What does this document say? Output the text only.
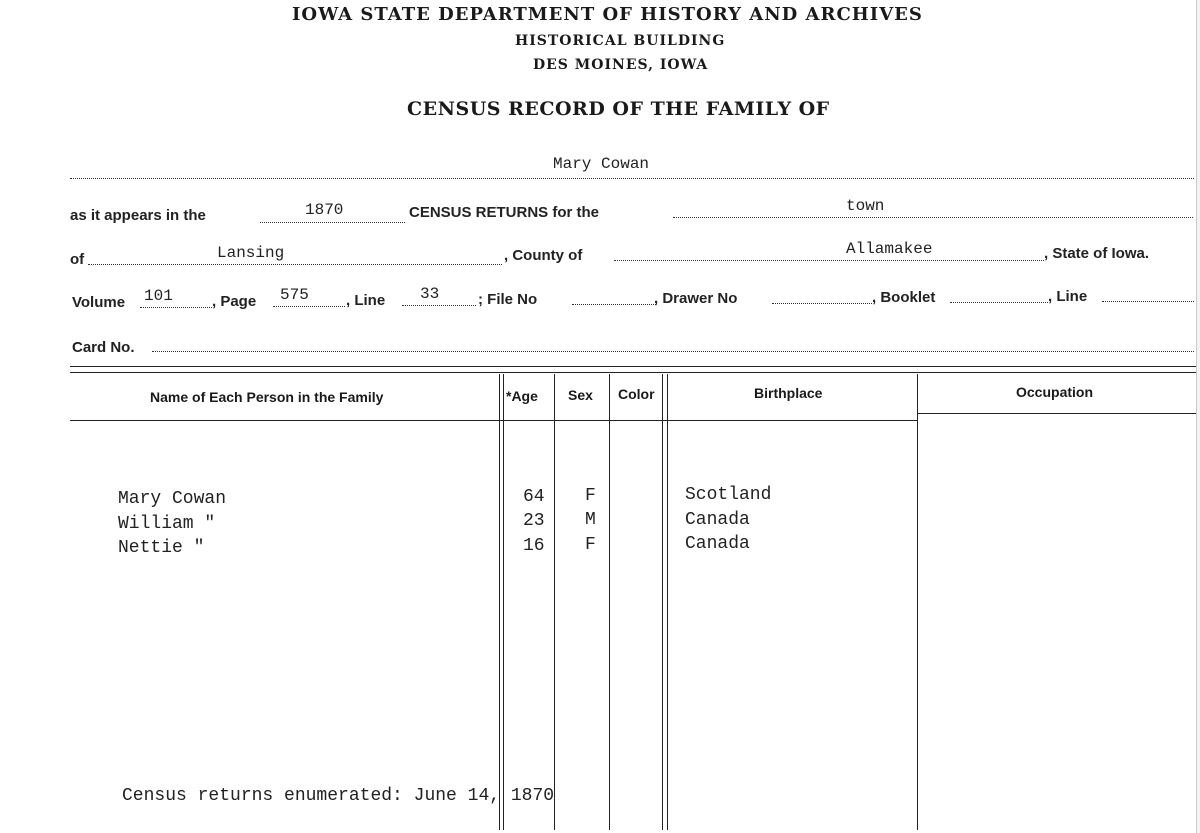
IOWA STATE DEPARTMENT OF HISTORY AND ARCHIVES
HISTORICAL BUILDING
DES MOINES, IOWA
CENSUS RECORD OF THE FAMILY OF
Mary Cowan
as it appears in the	1870	CENSUS RETURNS for the	town
of	Lansing	, County of	Allamakee	, State of Iowa.
Volume 101	, Page 575 , Line 33	; File No	, Drawer No	, Booklet	, Line
Card No.
Name of Each Person in the Family	*Age Sex Color	Birthplace	Occupation
Mary Cowan	64 F	Scotland
William "	23 M	Canada
Nettie "	16 F	Canada
Census returns enumerated: June 14, 1870
